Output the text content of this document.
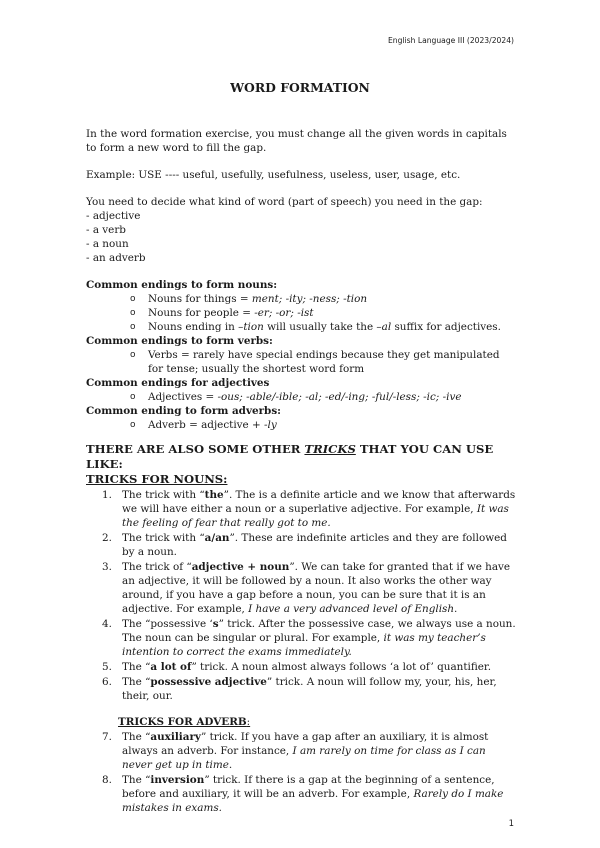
English Language III (2023/2024)
WORD FORMATION

In the word formation exercise, you must change all the given words in capitals to form a new word to fill the gap.

Example: USE ---- useful, usefully, usefulness, useless, user, usage, etc.

You need to decide what kind of word (part of speech) you need in the gap:

- adjective

- a verb

- a noun

- an adverb

Common endings to form nouns:

o Nouns for things = ment; -ity; -ness; -tion

o Nouns for people = -er; -or; -ist

o Nouns ending in –tion will usually take the –al suffix for adjectives.

Common endings to form verbs:

o Verbs = rarely have special endings because they get manipulated for tense; usually the shortest word form

Common endings for adjectives

o Adjectives = -ous; -able/-ible; -al; -ed/-ing; -ful/-less; -ic; -ive

Common ending to form adverbs:

o Adverb = adjective + -ly

THERE ARE ALSO SOME OTHER TRICKS THAT YOU CAN USE LIKE:

TRICKS FOR NOUNS:

1. The trick with “the”. The is a definite article and we know that afterwards we will have either a noun or a superlative adjective. For example, It was the feeling of fear that really got to me.

2. The trick with “a/an”. These are indefinite articles and they are followed by a noun.

3. The trick of “adjective + noun”. We can take for granted that if we have an adjective, it will be followed by a noun. It also works the other way around, if you have a gap before a noun, you can be sure that it is an adjective. For example, I have a very advanced level of English.

4. The “possessive ‘s” trick. After the possessive case, we always use a noun. The noun can be singular or plural. For example, it was my teacher’s intention to correct the exams immediately.

5. The “a lot of” trick. A noun almost always follows ‘a lot of’ quantifier.

6. The “possessive adjective” trick. A noun will follow my, your, his, her, their, our.

TRICKS FOR ADVERB:

7. The “auxiliary” trick. If you have a gap after an auxiliary, it is almost always an adverb. For instance, I am rarely on time for class as I can never get up in time.

8. The “inversion” trick. If there is a gap at the beginning of a sentence, before and auxiliary, it will be an adverb. For example, Rarely do I make mistakes in exams.

1
